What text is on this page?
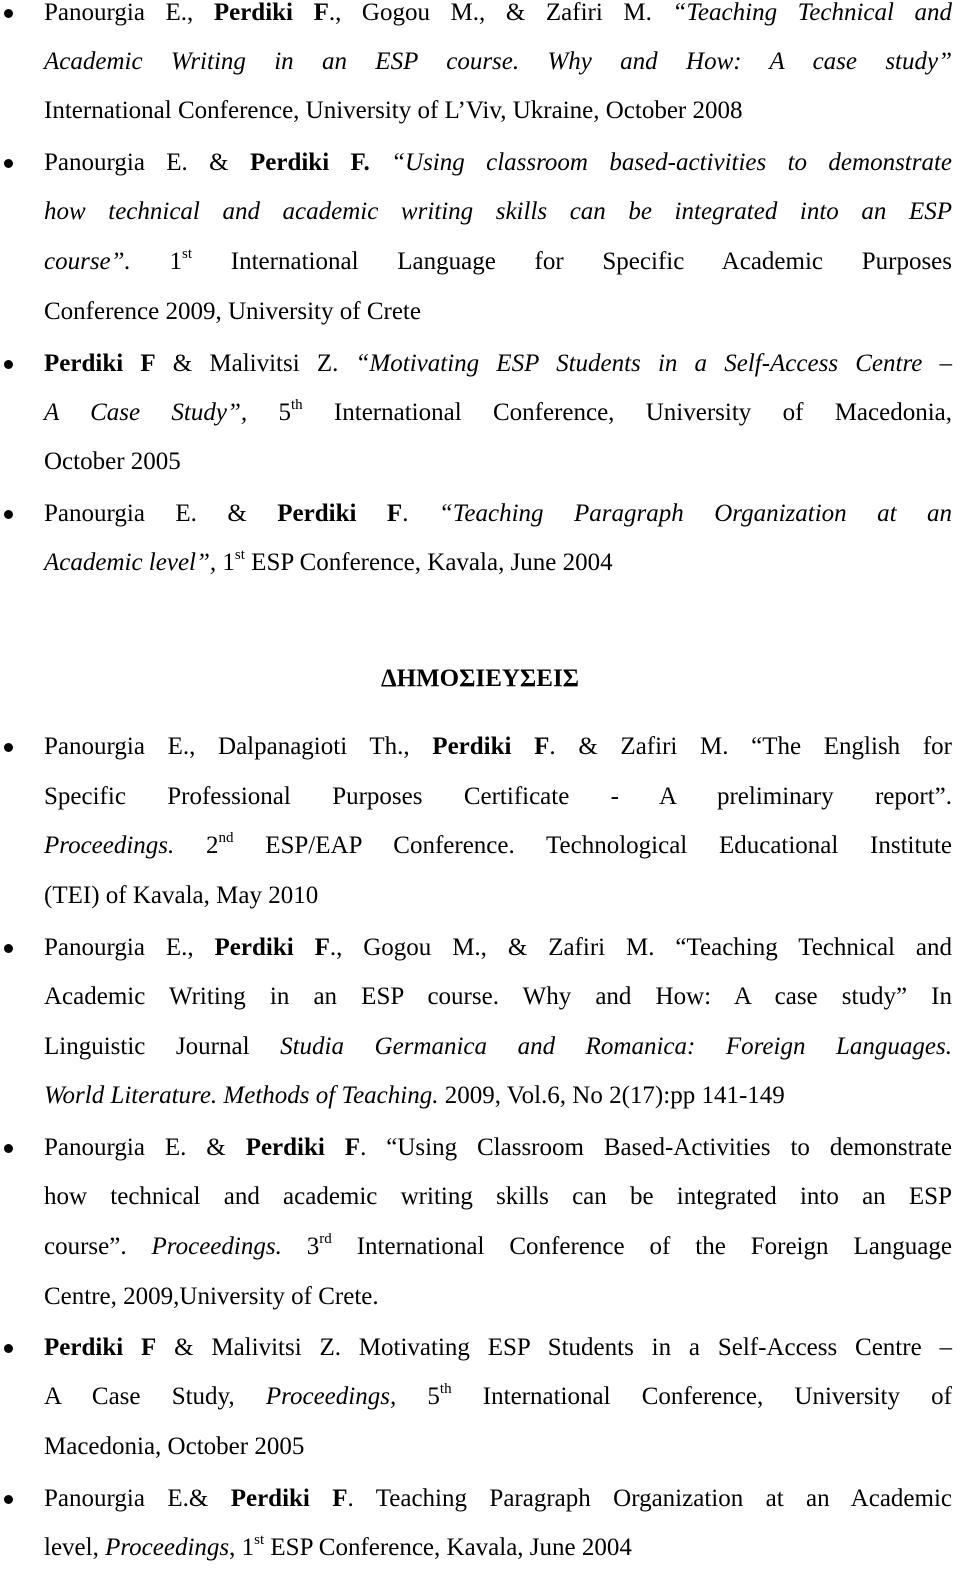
Panourgia E., Perdiki F., Gogou M., & Zafiri M. “Teaching Technical and
Academic Writing in an ESP course. Why and How: A case study”
International Conference, University of L’Viv, Ukraine, October 2008
Panourgia E. & Perdiki F. “Using classroom based-activities to demonstrate
how technical and academic writing skills can be integrated into an ESP
course”. 1st International Language for Specific Academic Purposes
Conference 2009, University of Crete
Perdiki F & Malivitsi Z. “Motivating ESP Students in a Self-Access Centre –
A Case Study”, 5th International Conference, University of Macedonia,
October 2005
Panourgia E. & Perdiki F. “Teaching Paragraph Organization at an
Academic level”, 1st ESP Conference, Kavala, June 2004
ΔΗΜΟΣΙΕΥΣΕΙΣ
Panourgia E., Dalpanagioti Th., Perdiki F. & Zafiri M. “The English for
Specific Professional Purposes Certificate - A preliminary report”.
Proceedings. 2nd ESP/EAP Conference. Technological Educational Institute
(TEI) of Kavala, May 2010
Panourgia E., Perdiki F., Gogou M., & Zafiri M. “Teaching Technical and
Academic Writing in an ESP course. Why and How: A case study” In
Linguistic Journal Studia Germanica and Romanica: Foreign Languages.
World Literature. Methods of Teaching. 2009, Vol.6, No 2(17):pp 141-149
Panourgia E. & Perdiki F. “Using Classroom Based-Activities to demonstrate
how technical and academic writing skills can be integrated into an ESP
course”. Proceedings. 3rd International Conference of the Foreign Language
Centre, 2009,University of Crete.
Perdiki F & Malivitsi Z. Motivating ESP Students in a Self-Access Centre –
A Case Study, Proceedings, 5th International Conference, University of
Macedonia, October 2005
Panourgia E.& Perdiki F. Teaching Paragraph Organization at an Academic
level, Proceedings, 1st ESP Conference, Kavala, June 2004
